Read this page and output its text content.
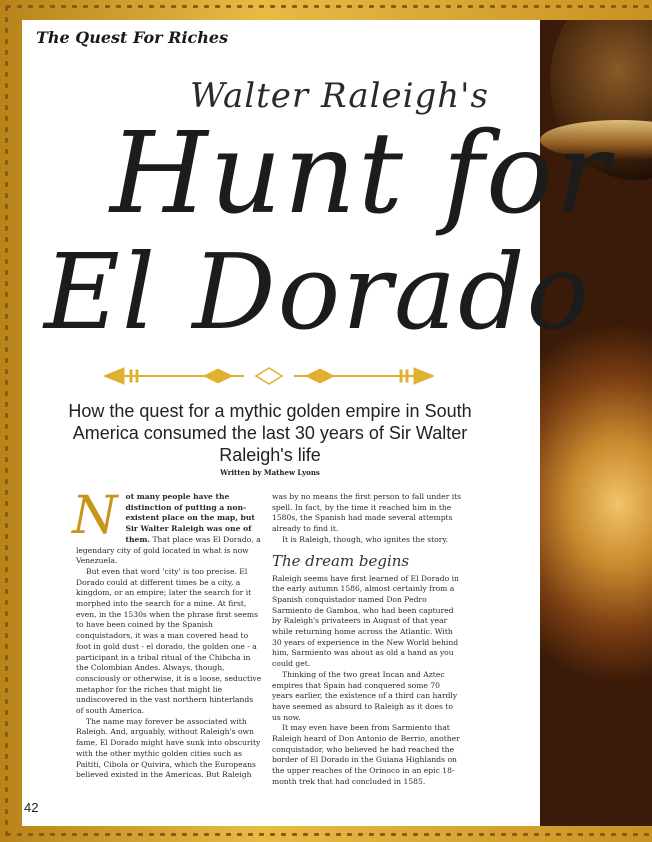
The Quest For Riches
Walter Raleigh's
Hunt for
El Dorado
How the quest for a mythic golden empire in South America consumed the last 30 years of Sir Walter Raleigh's life
Written by Mathew Lyons

N ot many people have the distinction of putting a non-existent place on the map, but Sir Walter Raleigh was one of them. That place was El Dorado, a legendary city of gold located in what is now Venezuela.

But even that word 'city' is too precise. El Dorado could at different times be a city, a kingdom, or an empire; later the search for it morphed into the search for a mine. At first, even, in the 1530s when the phrase first seems to have been coined by the Spanish conquistadors, it was a man covered head to foot in gold dust - el dorado, the golden one - a participant in a tribal ritual of the Chibcha in the Colombian Andes. Always, though, consciously or otherwise, it is a loose, seductive metaphor for the riches that might lie undiscovered in the vast northern hinterlands of south America.

The name may forever be associated with Raleigh. And, arguably, without Raleigh's own fame, El Dorado might have sunk into obscurity with the other mythic golden cities such as Paititi, Cibola or Quivira, which the Europeans believed existed in the Americas. But Raleigh

was by no means the first person to fall under its spell. In fact, by the time it reached him in the 1580s, the Spanish had made several attempts already to find it.

It is Raleigh, though, who ignites the story.

The dream begins

Raleigh seems have first learned of El Dorado in the early autumn 1586, almost certainly from a Spanish conquistador named Don Pedro Sarmiento de Gamboa, who had been captured by Raleigh's privateers in August of that year while returning home across the Atlantic. With 30 years of experience in the New World behind him, Sarmiento was about as old a hand as you could get.

Thinking of the two great Incan and Aztec empires that Spain had conquered some 70 years earlier, the existence of a third can hardly have seemed as absurd to Raleigh as it does to us now.

It may even have been from Sarmiento that Raleigh heard of Don Antonio de Berrio, another conquistador, who believed he had reached the border of El Dorado in the Guiana Highlands on the upper reaches of the Orinoco in an epic 18-month trek that had concluded in 1585.

42
